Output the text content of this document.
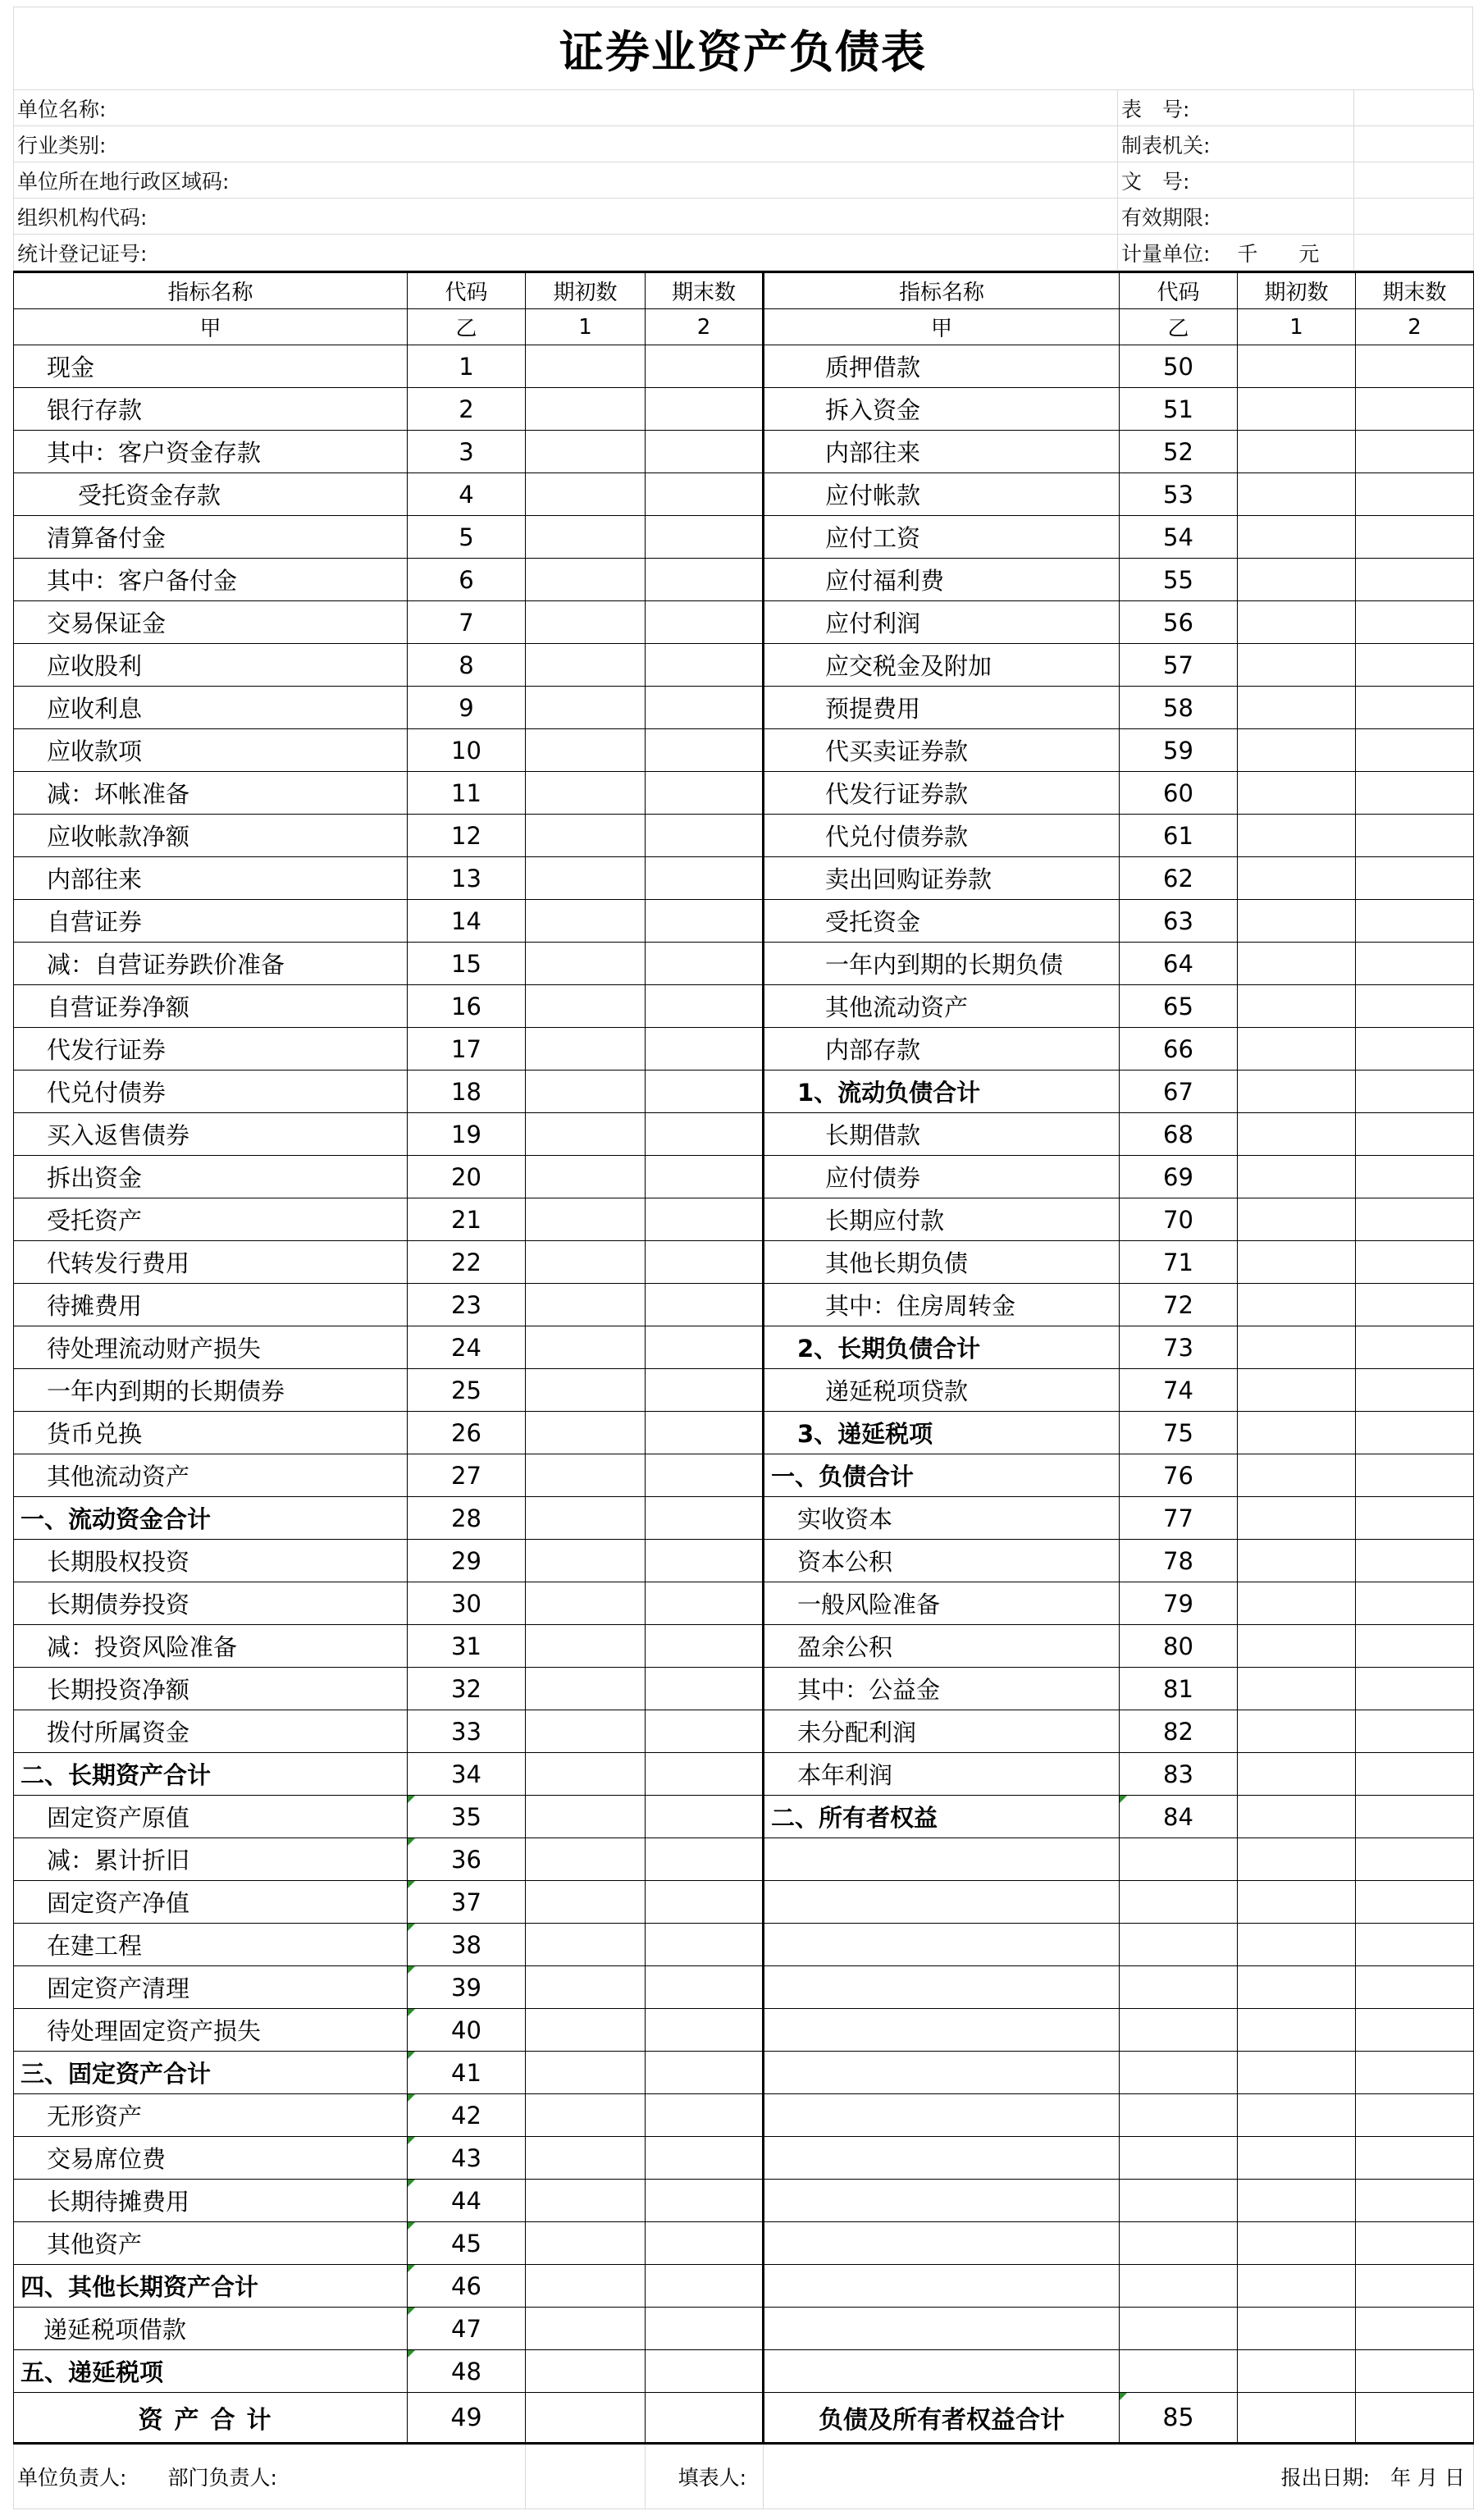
证券业资产负债表
单位名称:	表　号:	
行业类别:	制表机关:	
单位所在地行政区域码:	文　号:	
组织机构代码:	有效期限:	
统计登记证号:	计量单位:　 千　　元	
指标名称	代码	期初数	期末数	指标名称	代码	期初数	期末数
甲	乙	1	2	甲	乙	1	2
现金	1			质押借款	50		
银行存款	2			拆入资金	51		
其中：客户资金存款	3			内部往来	52		
受托资金存款	4			应付帐款	53		
清算备付金	5			应付工资	54		
其中：客户备付金	6			应付福利费	55		
交易保证金	7			应付利润	56		
应收股利	8			应交税金及附加	57		
应收利息	9			预提费用	58		
应收款项	10			代买卖证券款	59		
减：坏帐准备	11			代发行证券款	60		
应收帐款净额	12			代兑付债券款	61		
内部往来	13			卖出回购证券款	62		
自营证券	14			受托资金	63		
减：自营证券跌价准备	15			一年内到期的长期负债	64		
自营证券净额	16			其他流动资产	65		
代发行证券	17			内部存款	66		
代兑付债券	18			1、流动负债合计	67		
买入返售债券	19			长期借款	68		
拆出资金	20			应付债券	69		
受托资产	21			长期应付款	70		
代转发行费用	22			其他长期负债	71		
待摊费用	23			其中：住房周转金	72		
待处理流动财产损失	24			2、长期负债合计	73		
一年内到期的长期债券	25			递延税项贷款	74		
货币兑换	26			3、递延税项	75		
其他流动资产	27			一、负债合计	76		
一、流动资金合计	28			实收资本	77		
长期股权投资	29			资本公积	78		
长期债券投资	30			一般风险准备	79		
减：投资风险准备	31			盈余公积	80		
长期投资净额	32			其中：公益金	81		
拨付所属资金	33			未分配利润	82		
二、长期资产合计	34			本年利润	83		
固定资产原值	35			二、所有者权益	84		
减：累计折旧	36						
固定资产净值	37						
在建工程	38						
固定资产清理	39						
待处理固定资产损失	40						
三、固定资产合计	41						
无形资产	42						
交易席位费	43						
长期待摊费用	44						
其他资产	45						
四、其他长期资产合计	46						
递延税项借款	47						
五、递延税项	48						
资产合计	49			负债及所有者权益合计	85		
单位负责人:　　 部门负责人:		填表人:	报出日期:　年 月 日
